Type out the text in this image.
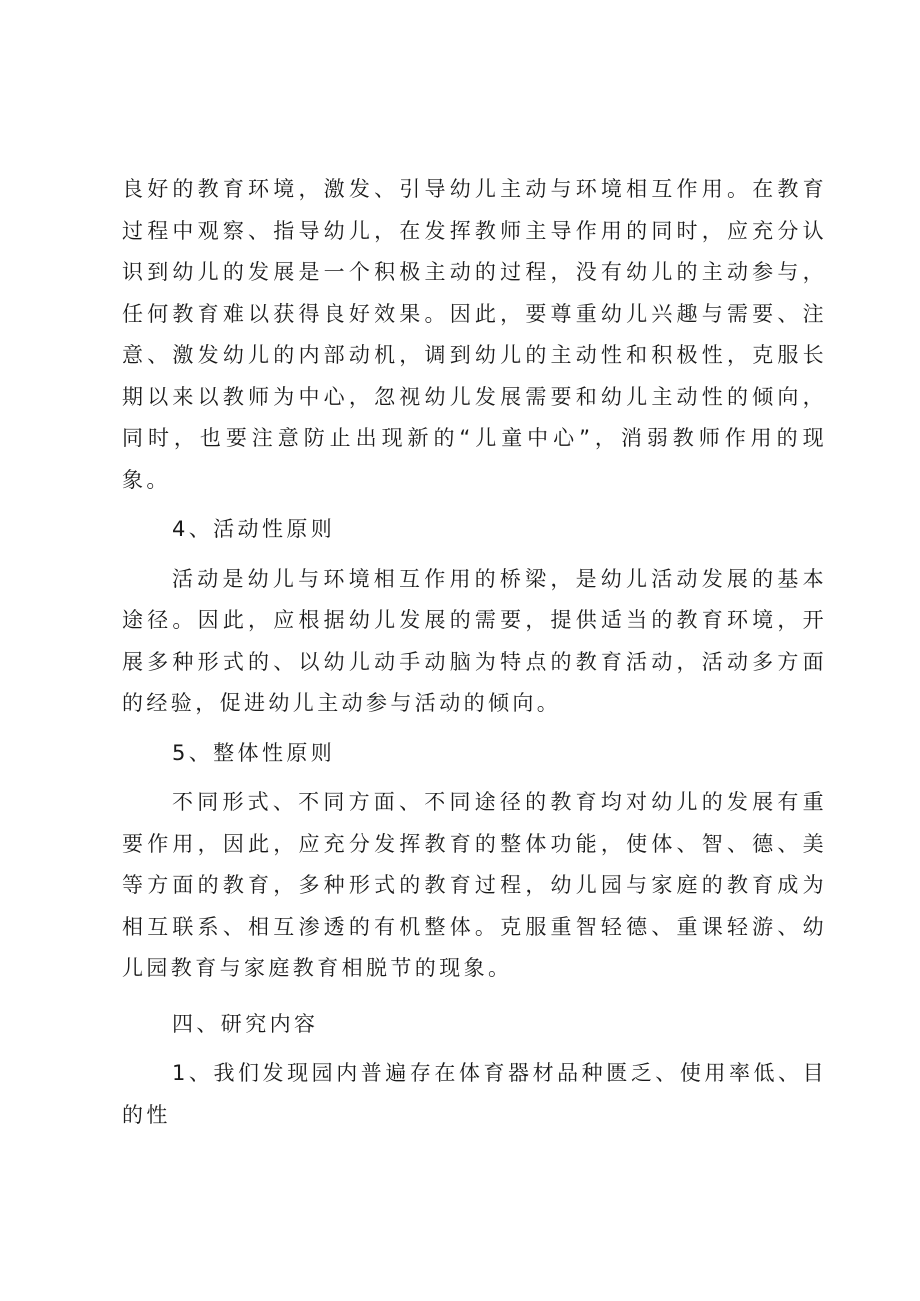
良好的教育环境，激发、引导幼儿主动与环境相互作用。在教育过程中观察、指导幼儿，在发挥教师主导作用的同时，应充分认识到幼儿的发展是一个积极主动的过程，没有幼儿的主动参与，任何教育难以获得良好效果。因此，要尊重幼儿兴趣与需要、注意、激发幼儿的内部动机，调到幼儿的主动性和积极性，克服长期以来以教师为中心，忽视幼儿发展需要和幼儿主动性的倾向，同时，也要注意防止出现新的“儿童中心”，消弱教师作用的现象。

4、活动性原则

活动是幼儿与环境相互作用的桥梁，是幼儿活动发展的基本途径。因此，应根据幼儿发展的需要，提供适当的教育环境，开展多种形式的、以幼儿动手动脑为特点的教育活动，活动多方面的经验，促进幼儿主动参与活动的倾向。

5、整体性原则

不同形式、不同方面、不同途径的教育均对幼儿的发展有重要作用，因此，应充分发挥教育的整体功能，使体、智、德、美等方面的教育，多种形式的教育过程，幼儿园与家庭的教育成为相互联系、相互渗透的有机整体。克服重智轻德、重课轻游、幼儿园教育与家庭教育相脱节的现象。

四、研究内容

1、我们发现园内普遍存在体育器材品种匮乏、使用率低、目的性
